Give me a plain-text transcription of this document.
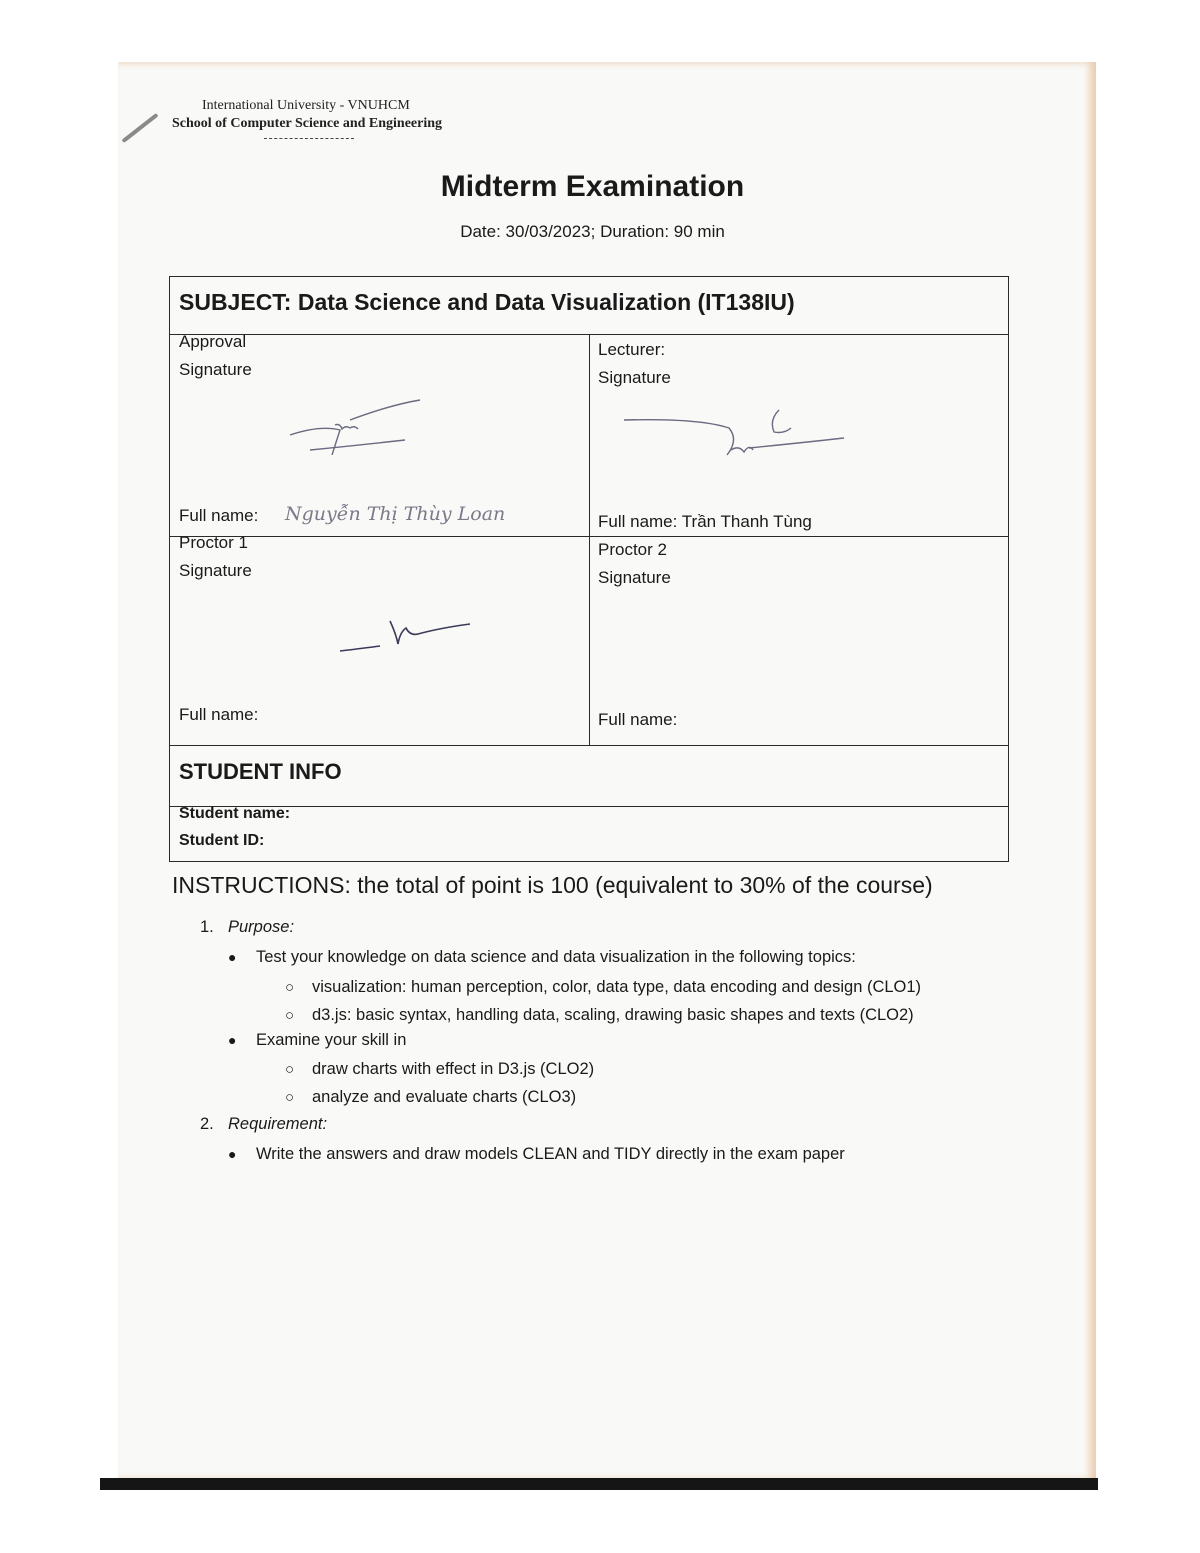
International University - VNUHCM
School of Computer Science and Engineering
Midterm Examination
Date: 30/03/2023; Duration: 90 min
SUBJECT: Data Science and Data Visualization (IT138IU)
Approval
Signature
Full name: Nguyễn Thị Thùy Loan
Lecturer:
Signature
Full name: Trần Thanh Tùng
Proctor 1
Signature
Full name:
Proctor 2
Signature
Full name:
STUDENT INFO
Student name:
Student ID:
INSTRUCTIONS: the total of point is 100 (equivalent to 30% of the course)
1. Purpose:
● Test your knowledge on data science and data visualization in the following topics:
○ visualization: human perception, color, data type, data encoding and design (CLO1)
○ d3.js: basic syntax, handling data, scaling, drawing basic shapes and texts (CLO2)
● Examine your skill in
○ draw charts with effect in D3.js (CLO2)
○ analyze and evaluate charts (CLO3)
2. Requirement:
● Write the answers and draw models CLEAN and TIDY directly in the exam paper
